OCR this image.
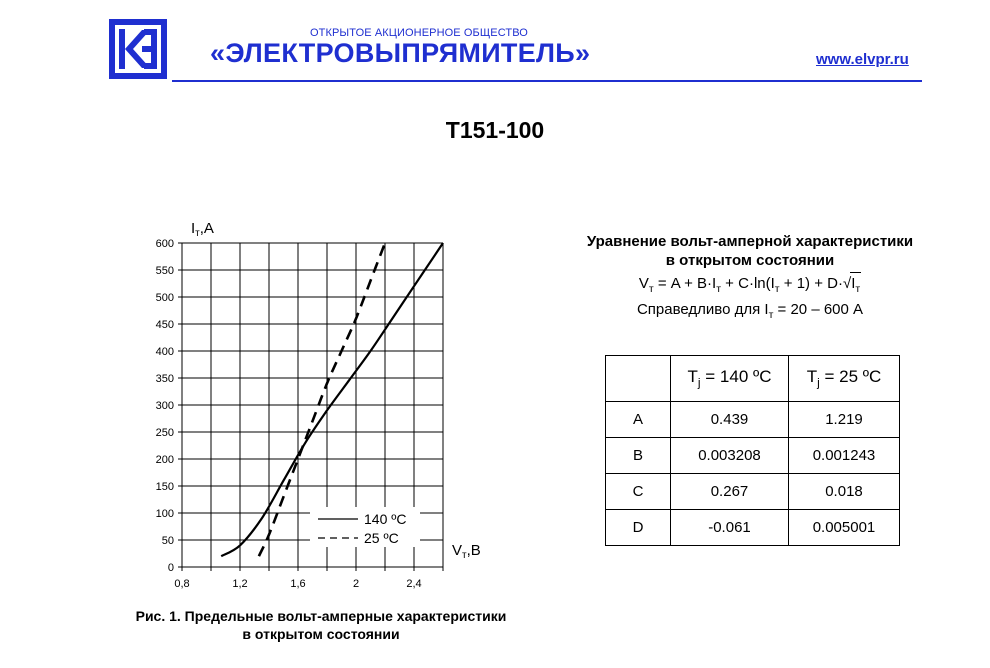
ОТКРЫТОЕ АКЦИОНЕРНОЕ ОБЩЕСТВО
«ЭЛЕКТРОВЫПРЯМИТЕЛЬ»	www.elvpr.ru
Т151-100
0
50
100
150
200
250
300
350
400
450
500
550
600
0,8	1,2	1,6	2	2,4
$I_т,А$
$V_т,В$
140 ºC
25 ºC
Рис. 1. Предельные вольт-амперные характеристики
в открытом состоянии
Уравнение вольт-амперной характеристики
в открытом состоянии
$V_т = A + B\cdot I_т + C\cdot\ln(I_т + 1) + D\cdot√I_т$
Справедливо для $I_т = 20 - 600$ А
	$T_j = 140$ ºC	$T_j = 25$ ºC
A	0.439	1.219
B	0.003208	0.001243
C	0.267	0.018
D	-0.061	0.005001
